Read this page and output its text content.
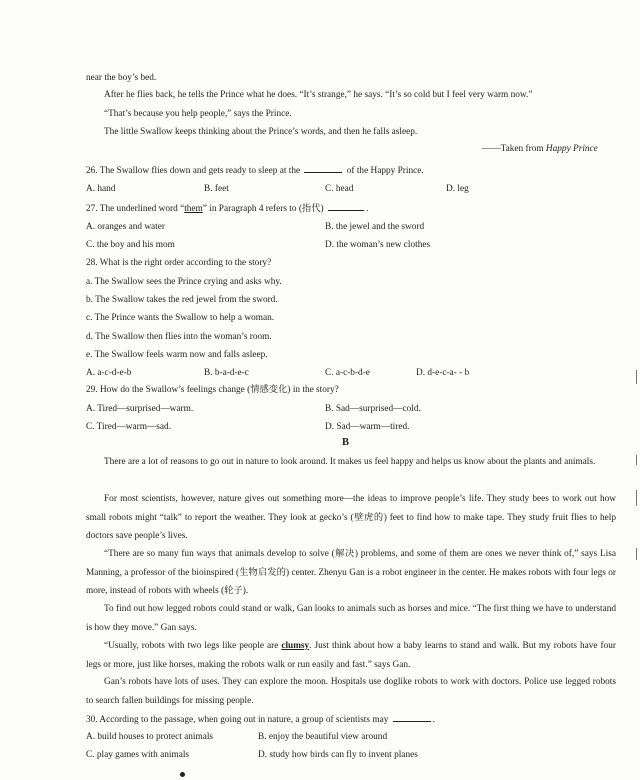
near the boy’s bed.
After he flies back, he tells the Prince what he does. “It’s strange,” he says. “It’s so cold but I feel very warm now.”
“That’s because you help people,” says the Prince.
The little Swallow keeps thinking about the Prince’s words, and then he falls asleep.
——Taken from Happy Prince
26. The Swallow flies down and gets ready to sleep at the	of the Happy Prince.
A. hand	B. feet	C. head	D. leg
27. The underlined word “them” in Paragraph 4 refers to (指代)	.
A. oranges and water	B. the jewel and the sword
C. the boy and his mom	D. the woman’s new clothes
28. What is the right order according to the story?
a. The Swallow sees the Prince crying and asks why.
b. The Swallow takes the red jewel from the sword.
c. The Prince wants the Swallow to help a woman.
d. The Swallow then flies into the woman’s room.
e. The Swallow feels warm now and falls asleep.
A. a-c-d-e-b	B. b-a-d-e-c	C. a-c-b-d-e	D. d-e-c-a- - b
29. How do the Swallow’s feelings change (情感变化) in the story?
A. Tired—surprised—warm.	B. Sad—surprised—cold.
C. Tired—warm—sad.	D. Sad—warm—tired.
B
There are a lot of reasons to go out in nature to look around. It makes us feel happy and helps us know about the plants and animals.
For most scientists, however, nature gives out something more—the ideas to improve people’s life. They study bees to work out how small robots might “talk” to report the weather. They look at gecko’s (壁虎的) feet to find how to make tape. They study fruit flies to help doctors save people’s lives.
“There are so many fun ways that animals develop to solve (解决) problems, and some of them are ones we never think of,” says Lisa Manning, a professor of the bioinspired (生物启发的) center. Zhenyu Gan is a robot engineer in the center. He makes robots with four legs or more, instead of robots with wheels (轮子).
To find out how legged robots could stand or walk, Gan looks to animals such as horses and mice. “The first thing we have to understand is how they move.” Gan says.
“Usually, robots with two legs like people are clumsy. Just think about how a baby learns to stand and walk. But my robots have four legs or more, just like horses, making the robots walk or run easily and fast.” says Gan.
Gan’s robots have lots of uses. They can explore the moon. Hospitals use doglike robots to work with doctors. Police use legged robots to search fallen buildings for missing people.
30. According to the passage, when going out in nature, a group of scientists may	.
A. build houses to protect animals	B. enjoy the beautiful view around
C. play games with animals	D. study how birds can fly to invent planes
